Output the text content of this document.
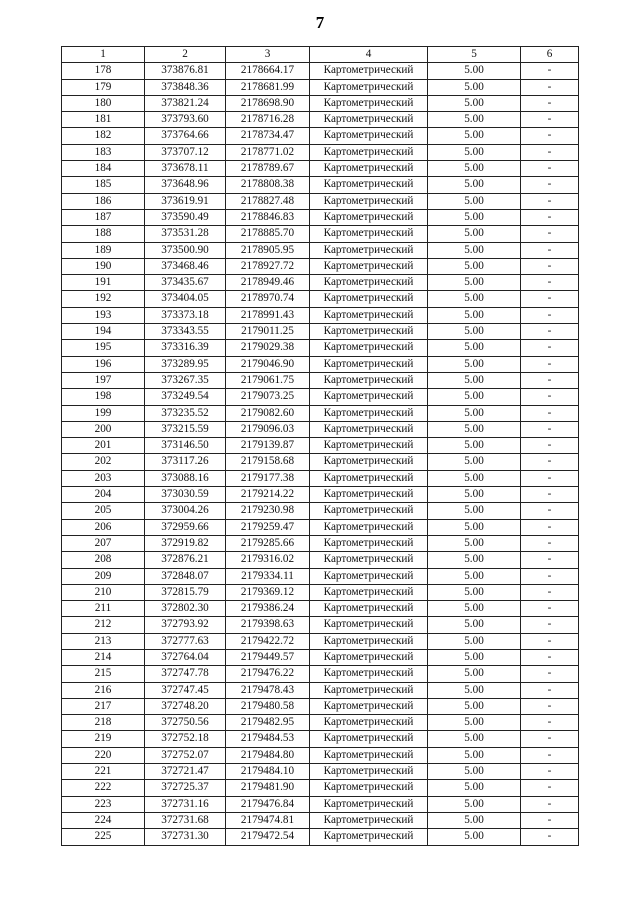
7
1	2	3	4	5	6
178	373876.81	2178664.17	Картометрический	5.00	-
179	373848.36	2178681.99	Картометрический	5.00	-
180	373821.24	2178698.90	Картометрический	5.00	-
181	373793.60	2178716.28	Картометрический	5.00	-
182	373764.66	2178734.47	Картометрический	5.00	-
183	373707.12	2178771.02	Картометрический	5.00	-
184	373678.11	2178789.67	Картометрический	5.00	-
185	373648.96	2178808.38	Картометрический	5.00	-
186	373619.91	2178827.48	Картометрический	5.00	-
187	373590.49	2178846.83	Картометрический	5.00	-
188	373531.28	2178885.70	Картометрический	5.00	-
189	373500.90	2178905.95	Картометрический	5.00	-
190	373468.46	2178927.72	Картометрический	5.00	-
191	373435.67	2178949.46	Картометрический	5.00	-
192	373404.05	2178970.74	Картометрический	5.00	-
193	373373.18	2178991.43	Картометрический	5.00	-
194	373343.55	2179011.25	Картометрический	5.00	-
195	373316.39	2179029.38	Картометрический	5.00	-
196	373289.95	2179046.90	Картометрический	5.00	-
197	373267.35	2179061.75	Картометрический	5.00	-
198	373249.54	2179073.25	Картометрический	5.00	-
199	373235.52	2179082.60	Картометрический	5.00	-
200	373215.59	2179096.03	Картометрический	5.00	-
201	373146.50	2179139.87	Картометрический	5.00	-
202	373117.26	2179158.68	Картометрический	5.00	-
203	373088.16	2179177.38	Картометрический	5.00	-
204	373030.59	2179214.22	Картометрический	5.00	-
205	373004.26	2179230.98	Картометрический	5.00	-
206	372959.66	2179259.47	Картометрический	5.00	-
207	372919.82	2179285.66	Картометрический	5.00	-
208	372876.21	2179316.02	Картометрический	5.00	-
209	372848.07	2179334.11	Картометрический	5.00	-
210	372815.79	2179369.12	Картометрический	5.00	-
211	372802.30	2179386.24	Картометрический	5.00	-
212	372793.92	2179398.63	Картометрический	5.00	-
213	372777.63	2179422.72	Картометрический	5.00	-
214	372764.04	2179449.57	Картометрический	5.00	-
215	372747.78	2179476.22	Картометрический	5.00	-
216	372747.45	2179478.43	Картометрический	5.00	-
217	372748.20	2179480.58	Картометрический	5.00	-
218	372750.56	2179482.95	Картометрический	5.00	-
219	372752.18	2179484.53	Картометрический	5.00	-
220	372752.07	2179484.80	Картометрический	5.00	-
221	372721.47	2179484.10	Картометрический	5.00	-
222	372725.37	2179481.90	Картометрический	5.00	-
223	372731.16	2179476.84	Картометрический	5.00	-
224	372731.68	2179474.81	Картометрический	5.00	-
225	372731.30	2179472.54	Картометрический	5.00	-
